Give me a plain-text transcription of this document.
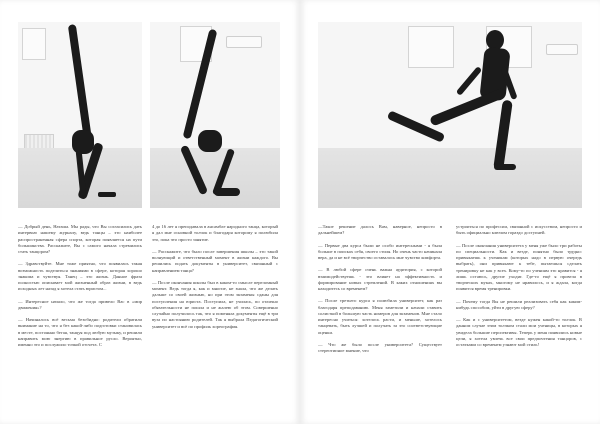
— Добрый день, Наташа. Мы рады, что Вы согласились дать интервью нашему журналу, ведь танцы – это наиболее распространенная сфера спорта, которая появляется на пути большинства. Расскажите, Вы с самого начала стремились стать танцором?

— Здравствуйте. Мне тоже приятно, что появилась такая возможность поделиться знаниями в сфере, которая хорошо знакома и чувствуя. Танец – это жизнь. Данное фраза полностью описывает мой жизненный образ жизни, в ведь исходных лет назад я хотела стать юристом...

— Интересное начало, что же тогда привело Вас в «мир движения»?

— Начиналось всё весьма безобидно: родители обратили внимание на то, что я без какой-либо подготовки становилась в месте, постоянно бегая, танцуя под любую музыку, и решили направить мою энергию в правильное русло. Вероятно, именно это и послужило точкой отсчета. С

4 до 16 лет я преподавала в ансамбле народного танца, который я дал мне основной толчок и благодаря которому я полюбила это, пока что просто занятие.

— Расскажите, что было после завершения школы – это такой волнующий и ответственный момент в жизни каждого. Вы решились подать документы в университет, связанный с направлением танца?

— После окончания школы был в каком-то смысле переломный момент. Ведь тогда я, как и многие, не знала, что же делать дальше со своей жизнью, но при этом экзамены сданы для поступления на юриста. Поступила, не училась, по отлично обязательности не пошла и не жалею об этом. Совершенно случайно получилось так, что я поменяла документы ещё в три вуза по настоянию родителей. Так я выбрала Педагогический университет и всё по профиль хореография.

—Такое решение далось Вам, наверное, непросто в дальнейшем?

— Первые два курса были не особо интересными - я была больше в поисках себя, своего стиля. Но очень часто начинала вера, да и не всё творчество оставалось мне чувство комфорта.

— В любой сфере очень важна аудитория, с которой взаимодействуешь - это влияет на эффективность и формирование новых стремлений. В каких отношениях вы находитесь со временем?

— После третьего курса я полюбила университет, как раз благодаря преподаванию. Меня заметили и начали ставить солисткой в большую часть номеров для экзаменов. Мне стало интересно учиться: хотелось расти, и меньше, хотелось танцевать, быть лучшей и получать за это соответствующие оценки.

— Что же было после университета? Существует стереотипное мнение, что

устроиться по профессии, связанной с искусством, непросто и быть официально ключом гораздо доступней.

— После окончания университета у меня уже было три работы по специальности. Как и везде, понятно было трудно: привыкаешь к ученикам (которых надо в первую очередь выбрать), они привыкают к тебе, пытаешься сделать тренировку не как у всех. Кому-то по учениям это нравится - я лишь остаюсь, другие уходят. Где-то ещё я провела в творческих муках, многому не нравилось, и я ждала, когда появится время тренировки.

— Почему тогда Вы не решили реализовать себя как каким-нибудь способом, уйти в другую сферу?

— Как и с университетом, везде нужен какой-то толчок. В данном случае этим толчком стали мои ученицы, в которых я увидела большие перспективы. Теперь у меня появились новые цели, я хотела увлечь все свои предпочтения танцоров, с остатками со временем узнают мой стиль!
